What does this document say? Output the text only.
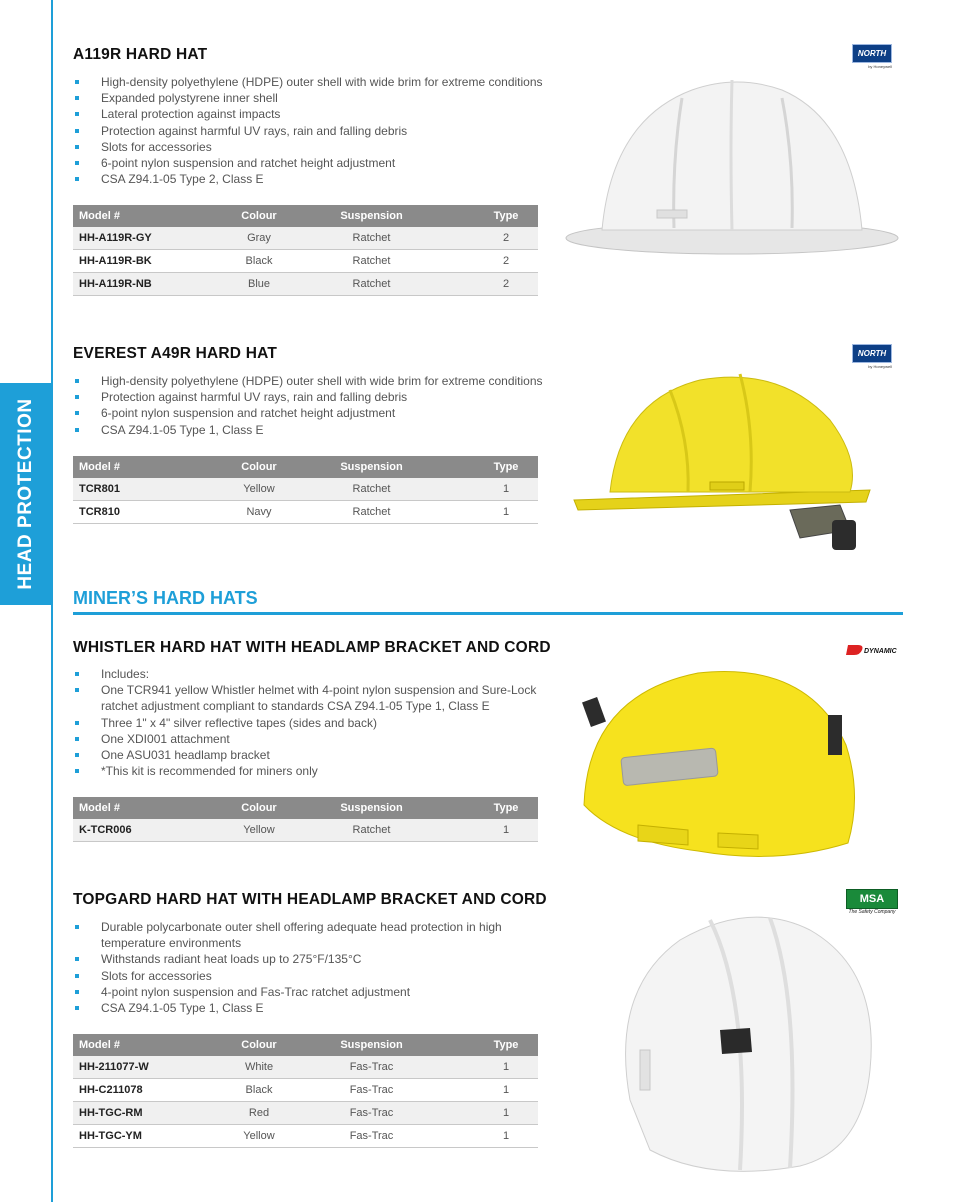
HEAD PROTECTION
A119R HARD HAT
High-density polyethylene (HDPE) outer shell with wide brim for extreme conditions
Expanded polystyrene inner shell
Lateral protection against impacts
Protection against harmful UV rays, rain and falling debris
Slots for accessories
6-point nylon suspension and ratchet height adjustment
CSA Z94.1-05 Type 2, Class E
Model #	Colour	Suspension	Type
HH-A119R-GY	Gray	Ratchet	2
HH-A119R-BK	Black	Ratchet	2
HH-A119R-NB	Blue	Ratchet	2
NORTH
by Honeywell
EVEREST A49R HARD HAT
High-density polyethylene (HDPE) outer shell with wide brim for extreme conditions
Protection against harmful UV rays, rain and falling debris
6-point nylon suspension and ratchet height adjustment
CSA Z94.1-05 Type 1, Class E
Model #	Colour	Suspension	Type
TCR801	Yellow	Ratchet	1
TCR810	Navy	Ratchet	1
NORTH
by Honeywell
MINER’S HARD HATS
WHISTLER HARD HAT WITH HEADLAMP BRACKET AND CORD
Includes:
One TCR941 yellow Whistler helmet with 4-point nylon suspension and Sure-Lock ratchet adjustment compliant to standards CSA Z94.1-05 Type 1, Class E
Three 1" x 4" silver reflective tapes (sides and back)
One XDI001 attachment
One ASU031 headlamp bracket
*This kit is recommended for miners only
Model #	Colour	Suspension	Type
K-TCR006	Yellow	Ratchet	1
DYNAMIC
TOPGARD HARD HAT WITH HEADLAMP BRACKET AND CORD
Durable polycarbonate outer shell offering adequate head protection in high temperature environments
Withstands radiant heat loads up to 275°F/135°C
Slots for accessories
4-point nylon suspension and Fas-Trac ratchet adjustment
CSA Z94.1-05 Type 1, Class E
Model #	Colour	Suspension	Type
HH-211077-W	White	Fas-Trac	1
HH-C211078	Black	Fas-Trac	1
HH-TGC-RM	Red	Fas-Trac	1
HH-TGC-YM	Yellow	Fas-Trac	1
MSA
The Safety Company
